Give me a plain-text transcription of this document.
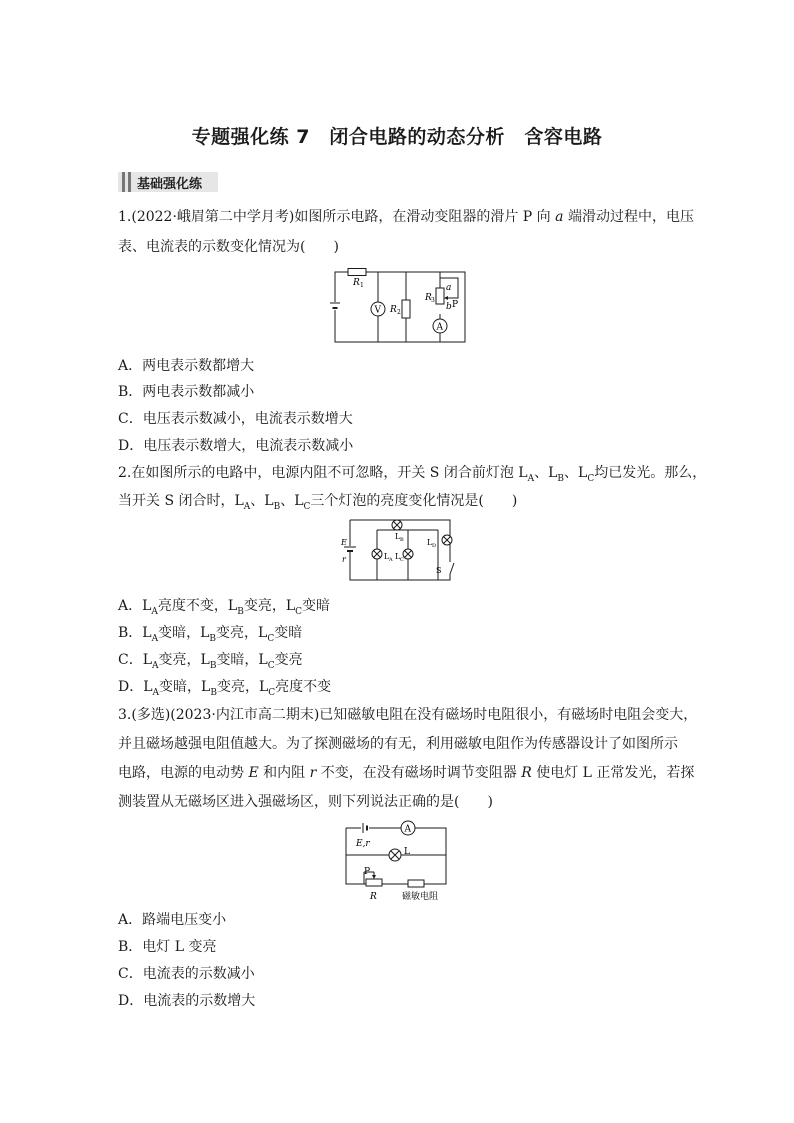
专题强化练 7　闭合电路的动态分析　含容电路
基础强化练
1.(2022·峨眉第二中学月考)如图所示电路，在滑动变阻器的滑片 P 向 a 端滑动过程中，电压
表、电流表的示数变化情况为(　　)
R 1
V R 2
R 3
a
b P
A
A．两电表示数都增大
B．两电表示数都减小
C．电压表示数减小，电流表示数增大
D．电压表示数增大，电流表示数减小
2.在如图所示的电路中，电源内阻不可忽略，开关 S 闭合前灯泡 $L_A$、$L_B$、$L_C$均已发光。那么，
当开关 S 闭合时，$L_A$、$L_B$、$L_C$三个灯泡的亮度变化情况是(　　)
E
r
L B
L A L C
L D
S
A．$L_A$亮度不变，$L_B$变亮，$L_C$变暗
B．$L_A$变暗，$L_B$变亮，$L_C$变暗
C．$L_A$变亮，$L_B$变暗，$L_C$变亮
D．$L_A$变暗，$L_B$变亮，$L_C$亮度不变
3.(多选)(2023·内江市高二期末)已知磁敏电阻在没有磁场时电阻很小，有磁场时电阻会变大，
并且磁场越强电阻值越大。为了探测磁场的有无，利用磁敏电阻作为传感器设计了如图所示
电路，电源的电动势 E 和内阻 r 不变，在没有磁场时调节变阻器 R 使电灯 L 正常发光，若探
测装置从无磁场区进入强磁场区，则下列说法正确的是(　　)
E,r
A
L
P
R	磁敏电阻
A．路端电压变小
B．电灯 L 变亮
C．电流表的示数减小
D．电流表的示数增大
